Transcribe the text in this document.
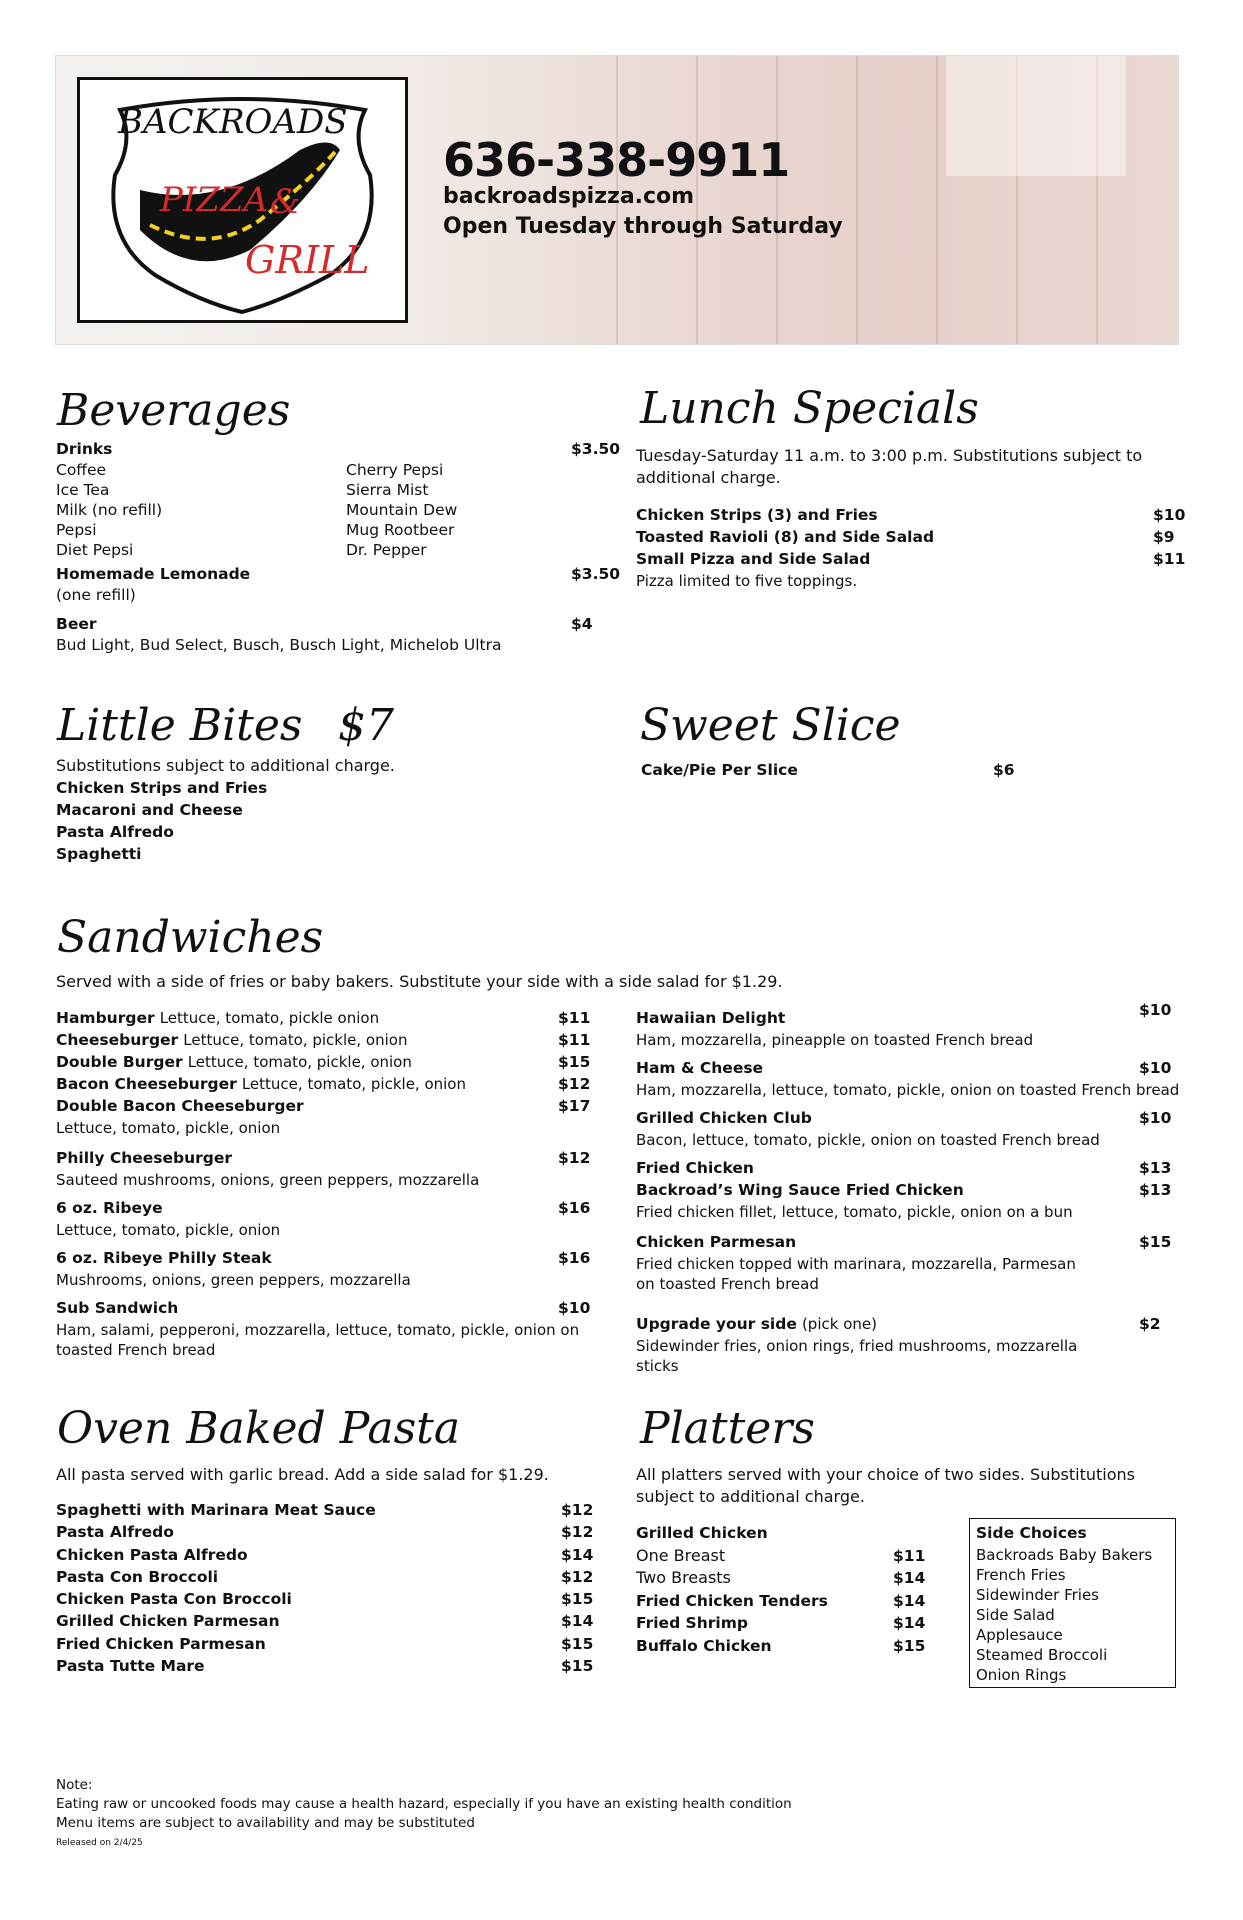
BACKROADS
PIZZA &
GRILL
636-338-9911
backroadspizza.com
Open Tuesday through Saturday
Beverages
Drinks	$3.50
Coffee
Ice Tea
Milk (no refill)
Pepsi
Diet Pepsi
Cherry Pepsi
Sierra Mist
Mountain Dew
Mug Rootbeer
Dr. Pepper
Homemade Lemonade	$3.50
(one refill)
Beer	$4
Bud Light, Bud Select, Busch, Busch Light, Michelob Ultra
Lunch Specials
Tuesday-Saturday 11 a.m. to 3:00 p.m. Substitutions subject to
additional charge.
Chicken Strips (3) and Fries	$10
Toasted Ravioli (8) and Side Salad	$9
Small Pizza and Side Salad	$11
Pizza limited to five toppings.
Little Bites $7
Substitutions subject to additional charge.
Chicken Strips and Fries
Macaroni and Cheese
Pasta Alfredo
Spaghetti
Sweet Slice
Cake/Pie Per Slice	$6
Sandwiches
Served with a side of fries or baby bakers. Substitute your side with a side salad for $1.29.
Hamburger Lettuce, tomato, pickle onion	$11
Cheeseburger Lettuce, tomato, pickle, onion	$11
Double Burger Lettuce, tomato, pickle, onion	$15
Bacon Cheeseburger Lettuce, tomato, pickle, onion	$12
Double Bacon Cheeseburger	$17
Lettuce, tomato, pickle, onion
Philly Cheeseburger	$12
Sauteed mushrooms, onions, green peppers, mozzarella
6 oz. Ribeye	$16
Lettuce, tomato, pickle, onion
6 oz. Ribeye Philly Steak	$16
Mushrooms, onions, green peppers, mozzarella
Sub Sandwich	$10
Ham, salami, pepperoni, mozzarella, lettuce, tomato, pickle, onion on
toasted French bread
Hawaiian Delight	$10
Ham, mozzarella, pineapple on toasted French bread
Ham & Cheese	$10
Ham, mozzarella, lettuce, tomato, pickle, onion on toasted French bread
Grilled Chicken Club	$10
Bacon, lettuce, tomato, pickle, onion on toasted French bread
Fried Chicken	$13
Backroad’s Wing Sauce Fried Chicken	$13
Fried chicken fillet, lettuce, tomato, pickle, onion on a bun
Chicken Parmesan	$15
Fried chicken topped with marinara, mozzarella, Parmesan
on toasted French bread
Upgrade your side (pick one)	$2
Sidewinder fries, onion rings, fried mushrooms, mozzarella
sticks
Oven Baked Pasta
All pasta served with garlic bread. Add a side salad for $1.29.
Spaghetti with Marinara Meat Sauce	$12
Pasta Alfredo	$12
Chicken Pasta Alfredo	$14
Pasta Con Broccoli	$12
Chicken Pasta Con Broccoli	$15
Grilled Chicken Parmesan	$14
Fried Chicken Parmesan	$15
Pasta Tutte Mare	$15
Platters
All platters served with your choice of two sides. Substitutions
subject to additional charge.
Grilled Chicken
One Breast	$11
Two Breasts	$14
Fried Chicken Tenders	$14
Fried Shrimp	$14
Buffalo Chicken	$15
Side Choices
Backroads Baby Bakers
French Fries
Sidewinder Fries
Side Salad
Applesauce
Steamed Broccoli
Onion Rings
Note:
Eating raw or uncooked foods may cause a health hazard, especially if you have an existing health condition
Menu items are subject to availability and may be substituted
Released on 2/4/25
